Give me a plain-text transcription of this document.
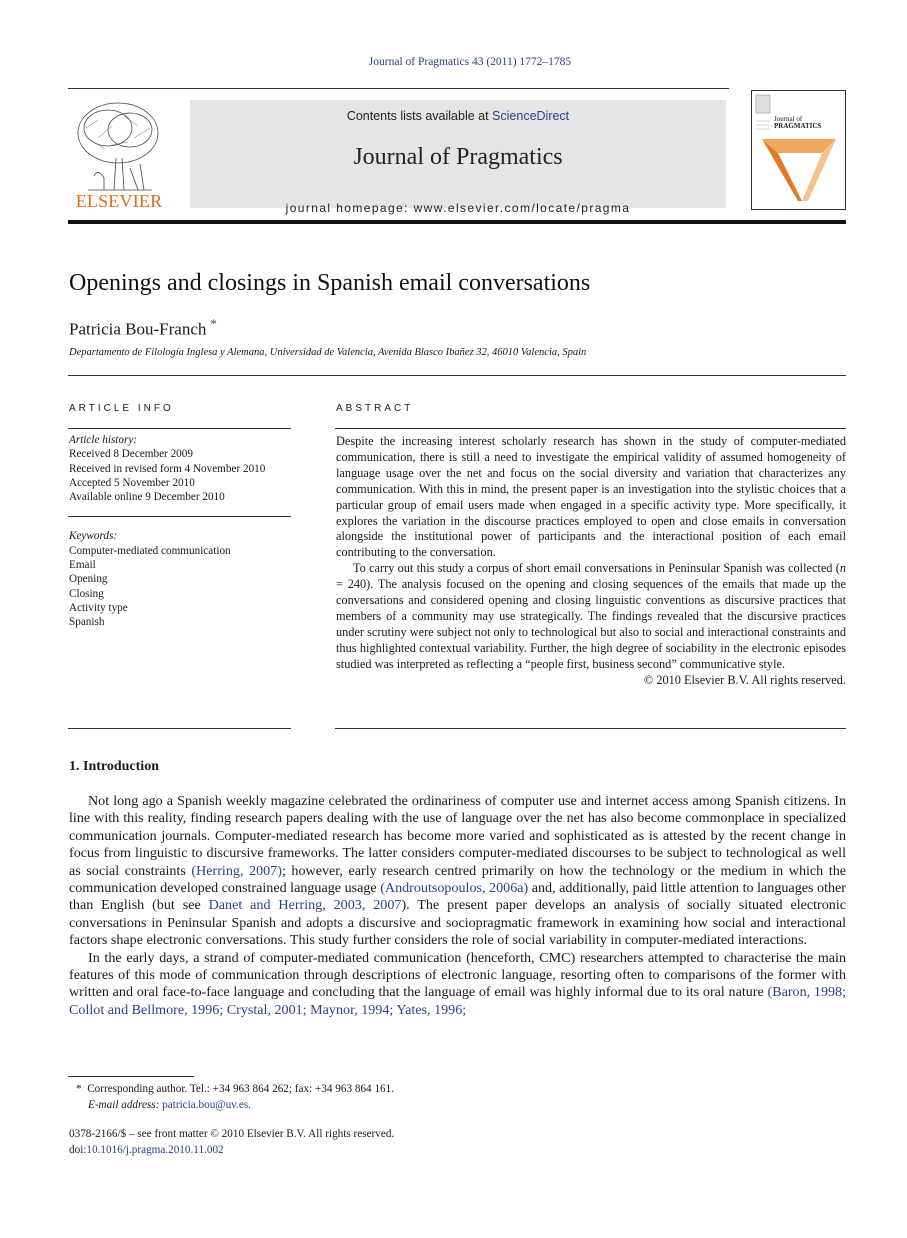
Journal of Pragmatics 43 (2011) 1772–1785
ELSEVIER
Contents lists available at ScienceDirect
Journal of Pragmatics
journal homepage: www.elsevier.com/locate/pragma
Journal of
PRAGMATICS
Openings and closings in Spanish email conversations
Patricia Bou-Franch *
Departamento de Filología Inglesa y Alemana, Universidad de Valencia, Avenida Blasco Ibañez 32, 46010 Valencia, Spain
ARTICLE INFO	ABSTRACT
Article history:
Received 8 December 2009
Received in revised form 4 November 2010
Accepted 5 November 2010
Available online 9 December 2010
Keywords:
Computer-mediated communication
Email
Opening
Closing
Activity type
Spanish

Despite the increasing interest scholarly research has shown in the study of computer-mediated communication, there is still a need to investigate the empirical validity of assumed homogeneity of language usage over the net and focus on the social diversity and variation that characterizes any communication. With this in mind, the present paper is an investigation into the stylistic choices that a particular group of email users made when engaged in a specific activity type. More specifically, it explores the variation in the discourse practices employed to open and close emails in conversation alongside the institutional power of participants and the interactional position of each email contributing to the conversation.

To carry out this study a corpus of short email conversations in Peninsular Spanish was collected (n = 240). The analysis focused on the opening and closing sequences of the emails that made up the conversations and considered opening and closing linguistic conventions as discursive practices that members of a community may use strategically. The findings revealed that the discursive practices under scrutiny were subject not only to technological but also to social and interactional constraints and thus highlighted contextual variability. Further, the high degree of sociability in the electronic episodes studied was interpreted as reflecting a “people first, business second” communicative style.

© 2010 Elsevier B.V. All rights reserved.

1. Introduction

Not long ago a Spanish weekly magazine celebrated the ordinariness of computer use and internet access among Spanish citizens. In line with this reality, finding research papers dealing with the use of language over the net has also become commonplace in specialized communication journals. Computer-mediated research has become more varied and sophisticated as is attested by the recent change in focus from linguistic to discursive frameworks. The latter considers computer-mediated discourses to be subject to technological as well as social constraints (Herring, 2007); however, early research centred primarily on how the technology or the medium in which the communication developed constrained language usage (Androutsopoulos, 2006a) and, additionally, paid little attention to languages other than English (but see Danet and Herring, 2003, 2007). The present paper develops an analysis of socially situated electronic conversations in Peninsular Spanish and adopts a discursive and sociopragmatic framework in examining how social and interactional factors shape electronic conversations. This study further considers the role of social variability in computer-mediated interactions.

In the early days, a strand of computer-mediated communication (henceforth, CMC) researchers attempted to characterise the main features of this mode of communication through descriptions of electronic language, resorting often to comparisons of the former with written and oral face-to-face language and concluding that the language of email was highly informal due to its oral nature (Baron, 1998; Collot and Bellmore, 1996; Crystal, 2001; Maynor, 1994; Yates, 1996;

* Corresponding author. Tel.: +34 963 864 262; fax: +34 963 864 161.
E-mail address: patricia.bou@uv.es.
0378-2166/$ – see front matter © 2010 Elsevier B.V. All rights reserved.
doi:10.1016/j.pragma.2010.11.002
